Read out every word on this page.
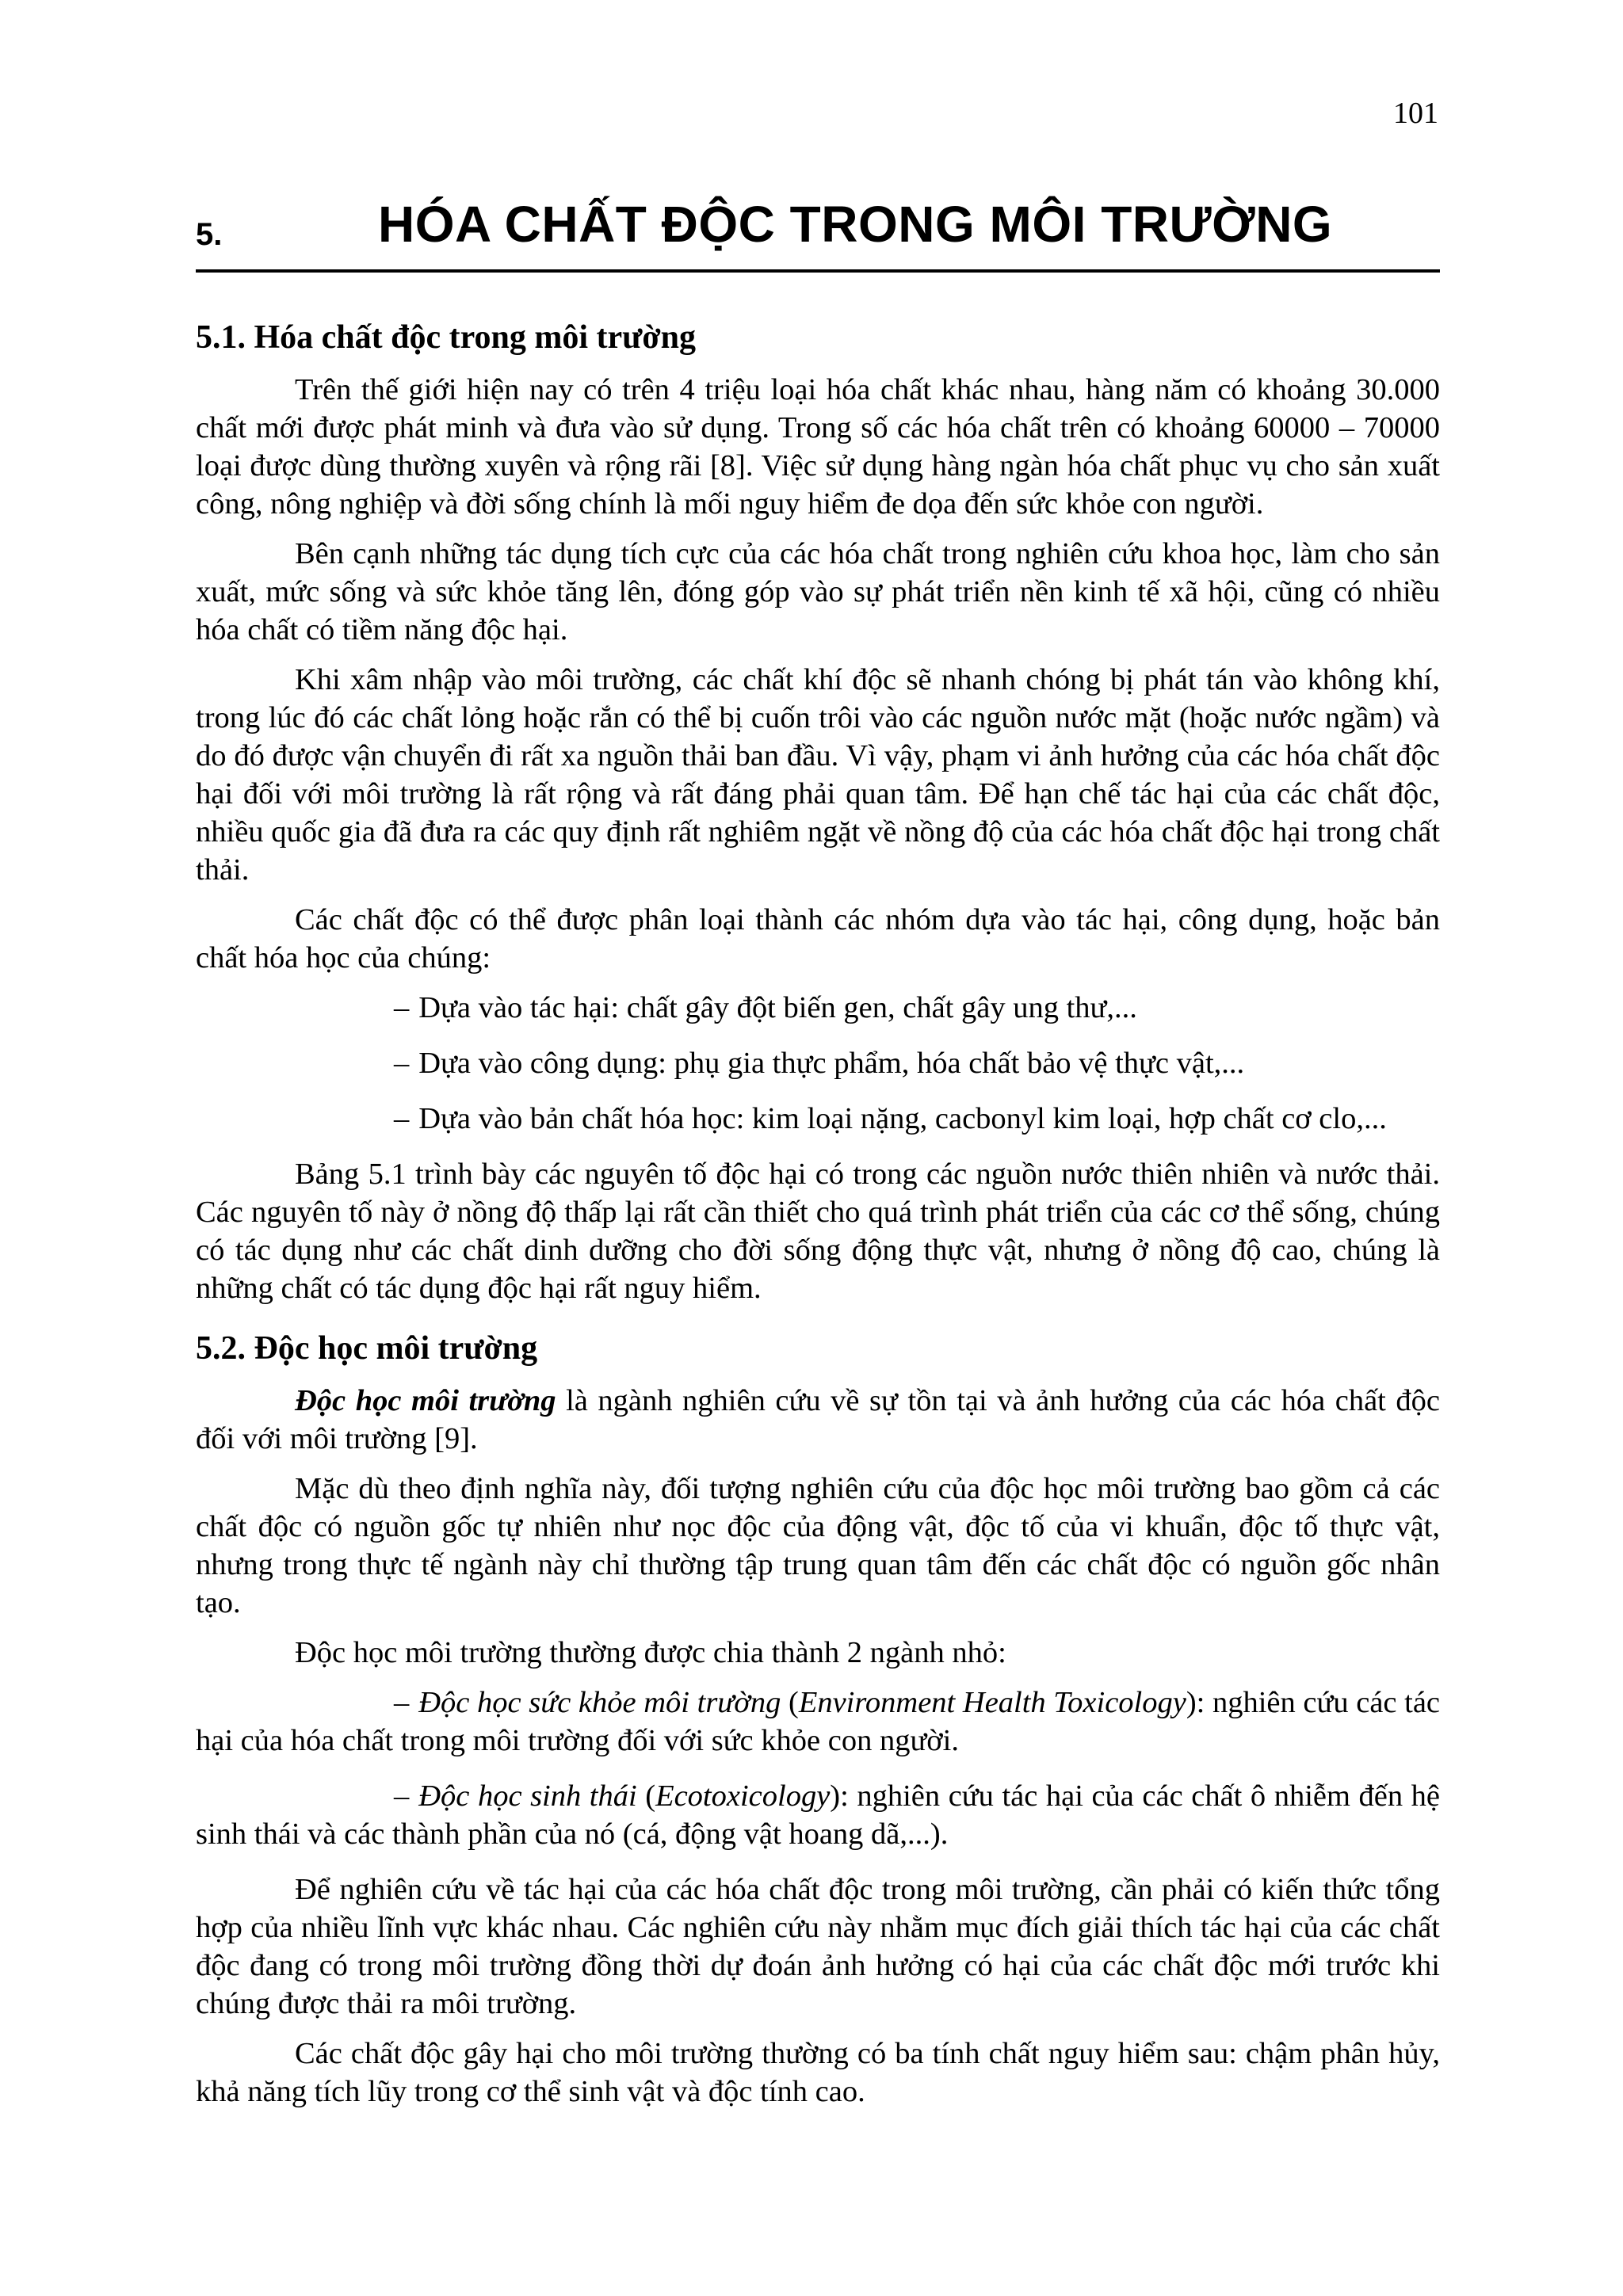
101
5.	HÓA CHẤT ĐỘC TRONG MÔI TRƯỜNG
5.1. Hóa chất độc trong môi trường

Trên thế giới hiện nay có trên 4 triệu loại hóa chất khác nhau, hàng năm có khoảng 30.000 chất mới được phát minh và đưa vào sử dụng. Trong số các hóa chất trên có khoảng 60000 – 70000 loại được dùng thường xuyên và rộng rãi [8]. Việc sử dụng hàng ngàn hóa chất phục vụ cho sản xuất công, nông nghiệp và đời sống chính là mối nguy hiểm đe dọa đến sức khỏe con người.

Bên cạnh những tác dụng tích cực của các hóa chất trong nghiên cứu khoa học, làm cho sản xuất, mức sống và sức khỏe tăng lên, đóng góp vào sự phát triển nền kinh tế xã hội, cũng có nhiều hóa chất có tiềm năng độc hại.

Khi xâm nhập vào môi trường, các chất khí độc sẽ nhanh chóng bị phát tán vào không khí, trong lúc đó các chất lỏng hoặc rắn có thể bị cuốn trôi vào các nguồn nước mặt (hoặc nước ngầm) và do đó được vận chuyển đi rất xa nguồn thải ban đầu. Vì vậy, phạm vi ảnh hưởng của các hóa chất độc hại đối với môi trường là rất rộng và rất đáng phải quan tâm. Để hạn chế tác hại của các chất độc, nhiều quốc gia đã đưa ra các quy định rất nghiêm ngặt về nồng độ của các hóa chất độc hại trong chất thải.

Các chất độc có thể được phân loại thành các nhóm dựa vào tác hại, công dụng, hoặc bản chất hóa học của chúng:

– Dựa vào tác hại: chất gây đột biến gen, chất gây ung thư,...

– Dựa vào công dụng: phụ gia thực phẩm, hóa chất bảo vệ thực vật,...

– Dựa vào bản chất hóa học: kim loại nặng, cacbonyl kim loại, hợp chất cơ clo,...

Bảng 5.1 trình bày các nguyên tố độc hại có trong các nguồn nước thiên nhiên và nước thải. Các nguyên tố này ở nồng độ thấp lại rất cần thiết cho quá trình phát triển của các cơ thể sống, chúng có tác dụng như các chất dinh dưỡng cho đời sống động thực vật, nhưng ở nồng độ cao, chúng là những chất có tác dụng độc hại rất nguy hiểm.

5.2. Độc học môi trường

Độc học môi trường là ngành nghiên cứu về sự tồn tại và ảnh hưởng của các hóa chất độc đối với môi trường [9].

Mặc dù theo định nghĩa này, đối tượng nghiên cứu của độc học môi trường bao gồm cả các chất độc có nguồn gốc tự nhiên như nọc độc của động vật, độc tố của vi khuẩn, độc tố thực vật, nhưng trong thực tế ngành này chỉ thường tập trung quan tâm đến các chất độc có nguồn gốc nhân tạo.

Độc học môi trường thường được chia thành 2 ngành nhỏ:

– Độc học sức khỏe môi trường (Environment Health Toxicology): nghiên cứu các tác hại của hóa chất trong môi trường đối với sức khỏe con người.

– Độc học sinh thái (Ecotoxicology): nghiên cứu tác hại của các chất ô nhiễm đến hệ sinh thái và các thành phần của nó (cá, động vật hoang dã,...).

Để nghiên cứu về tác hại của các hóa chất độc trong môi trường, cần phải có kiến thức tổng hợp của nhiều lĩnh vực khác nhau. Các nghiên cứu này nhằm mục đích giải thích tác hại của các chất độc đang có trong môi trường đồng thời dự đoán ảnh hưởng có hại của các chất độc mới trước khi chúng được thải ra môi trường.

Các chất độc gây hại cho môi trường thường có ba tính chất nguy hiểm sau: chậm phân hủy, khả năng tích lũy trong cơ thể sinh vật và độc tính cao.
